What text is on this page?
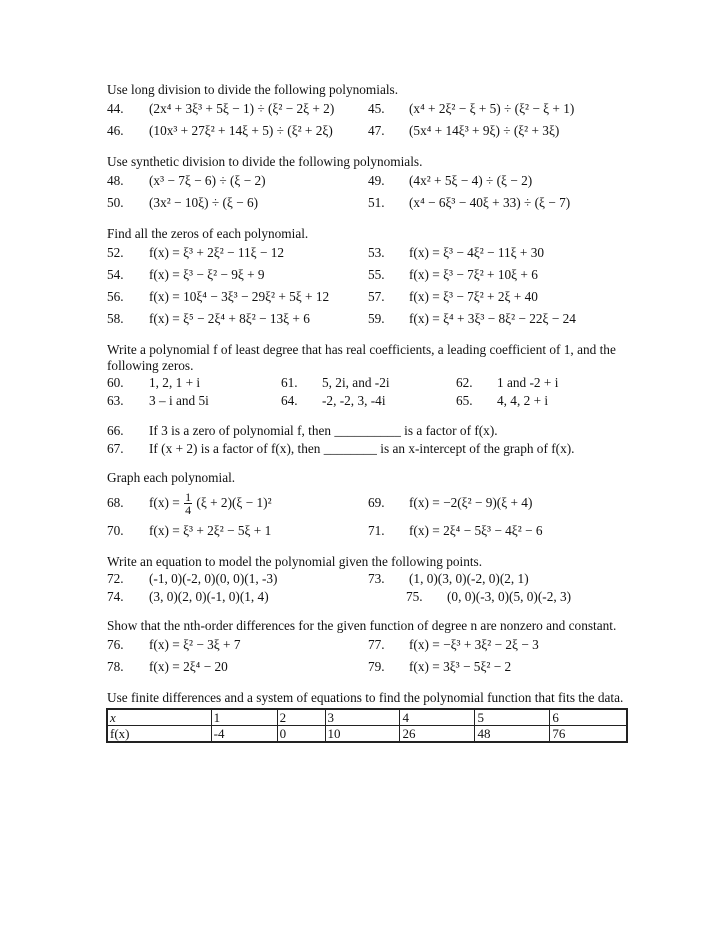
Use long division to divide the following polynomials.

44. (2x⁴ + 3ξ³ + 5ξ − 1) ÷ (ξ² − 2ξ + 2)	45. (x⁴ + 2ξ² − ξ + 5) ÷ (ξ² − ξ + 1)
46. (10x³ + 27ξ² + 14ξ + 5) ÷ (ξ² + 2ξ)	47. (5x⁴ + 14ξ³ + 9ξ) ÷ (ξ² + 3ξ)

Use synthetic division to divide the following polynomials.

48. (x³ − 7ξ − 6) ÷ (ξ − 2)	49. (4x² + 5ξ − 4) ÷ (ξ − 2)
50. (3x² − 10ξ) ÷ (ξ − 6)	51. (x⁴ − 6ξ³ − 40ξ + 33) ÷ (ξ − 7)

Find all the zeros of each polynomial.

52. f(x) = ξ³ + 2ξ² − 11ξ − 12	53. f(x) = ξ³ − 4ξ² − 11ξ + 30
54. f(x) = ξ³ − ξ² − 9ξ + 9	55. f(x) = ξ³ − 7ξ² + 10ξ + 6
56. f(x) = 10ξ⁴ − 3ξ³ − 29ξ² + 5ξ + 12	57. f(x) = ξ³ − 7ξ² + 2ξ + 40
58. f(x) = ξ⁵ − 2ξ⁴ + 8ξ² − 13ξ + 6	59. f(x) = ξ⁴ + 3ξ³ − 8ξ² − 22ξ − 24

Write a polynomial f of least degree that has real coefficients, a leading coefficient of 1, and the following zeros.

60. 1, 2, 1 + i	61. 5, 2i, and -2i	62. 1 and -2 + i
63. 3 – i and 5i	64. -2, -2, 3, -4i	65. 4, 4, 2 + i
66. If 3 is a zero of polynomial f, then __________ is a factor of f(x).
67. If (x + 2) is a factor of f(x), then ________ is an x-intercept of the graph of f(x).

Graph each polynomial.

68. $f(x) = \frac{1}{4} (\xi + 2)(\xi - 1)^2$	69. f(x) = −2(ξ² − 9)(ξ + 4)
70. f(x) = ξ³ + 2ξ² − 5ξ + 1	71. f(x) = 2ξ⁴ − 5ξ³ − 4ξ² − 6

Write an equation to model the polynomial given the following points.

72. (-1, 0)(-2, 0)(0, 0)(1, -3)	73. (1, 0)(3, 0)(-2, 0)(2, 1)
74. (3, 0)(2, 0)(-1, 0)(1, 4)	75. (0, 0)(-3, 0)(5, 0)(-2, 3)

Show that the nth-order differences for the given function of degree n are nonzero and constant.

76. f(x) = ξ² − 3ξ + 7	77. f(x) = −ξ³ + 3ξ² − 2ξ − 3
78. f(x) = 2ξ⁴ − 20	79. f(x) = 3ξ³ − 5ξ² − 2

Use finite differences and a system of equations to find the polynomial function that fits the data.

x	1	2	3	4	5	6
f(x)	-4	0	10	26	48	76
